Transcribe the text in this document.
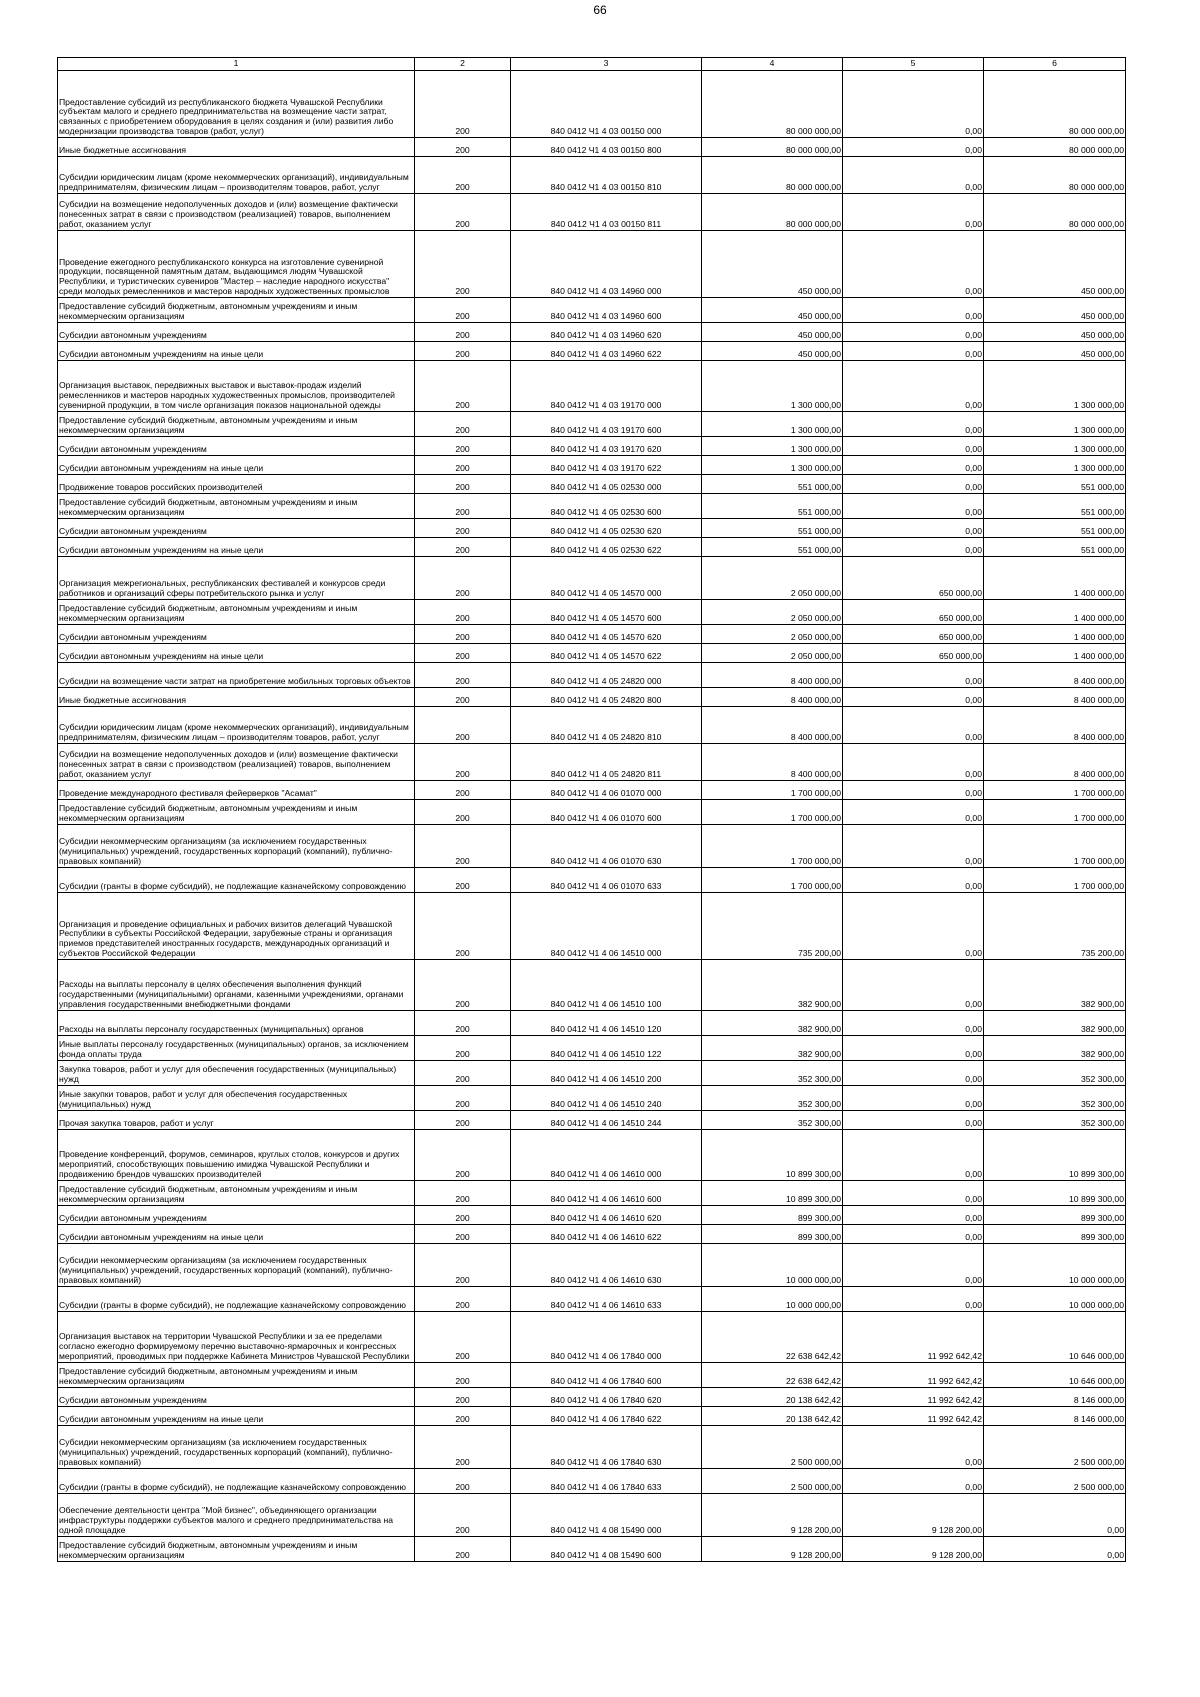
66
1	2	3	4	5	6

Предоставление субсидий из республиканского бюджета Чувашской Республики субъектам малого и среднего предпринимательства на возмещение части затрат, связанных с приобретением оборудования в целях создания и (или) развития либо модернизации производства товаров (работ, услуг)	200	840 0412 Ч1 4 03 00150 000	80 000 000,00	0,00	80 000 000,00

Иные бюджетные ассигнования	200	840 0412 Ч1 4 03 00150 800	80 000 000,00	0,00	80 000 000,00

Субсидии юридическим лицам (кроме некоммерческих организаций), индивидуальным предпринимателям, физическим лицам – производителям товаров, работ, услуг	200	840 0412 Ч1 4 03 00150 810	80 000 000,00	0,00	80 000 000,00

Субсидии на возмещение недополученных доходов и (или) возмещение фактически понесенных затрат в связи с производством (реализацией) товаров, выполнением работ, оказанием услуг	200	840 0412 Ч1 4 03 00150 811	80 000 000,00	0,00	80 000 000,00

Проведение ежегодного республиканского конкурса на изготовление сувенирной продукции, посвященной памятным датам, выдающимся людям Чувашской Республики, и туристических сувениров "Мастер – наследие народного искусства" среди молодых ремесленников и мастеров народных художественных промыслов	200	840 0412 Ч1 4 03 14960 000	450 000,00	0,00	450 000,00

Предоставление субсидий бюджетным, автономным учреждениям и иным некоммерческим организациям	200	840 0412 Ч1 4 03 14960 600	450 000,00	0,00	450 000,00

Субсидии автономным учреждениям	200	840 0412 Ч1 4 03 14960 620	450 000,00	0,00	450 000,00

Субсидии автономным учреждениям на иные цели	200	840 0412 Ч1 4 03 14960 622	450 000,00	0,00	450 000,00

Организация выставок, передвижных выставок и выставок-продаж изделий ремесленников и мастеров народных художественных промыслов, производителей сувенирной продукции, в том числе организация показов национальной одежды	200	840 0412 Ч1 4 03 19170 000	1 300 000,00	0,00	1 300 000,00

Предоставление субсидий бюджетным, автономным учреждениям и иным некоммерческим организациям	200	840 0412 Ч1 4 03 19170 600	1 300 000,00	0,00	1 300 000,00

Субсидии автономным учреждениям	200	840 0412 Ч1 4 03 19170 620	1 300 000,00	0,00	1 300 000,00

Субсидии автономным учреждениям на иные цели	200	840 0412 Ч1 4 03 19170 622	1 300 000,00	0,00	1 300 000,00

Продвижение товаров российских производителей	200	840 0412 Ч1 4 05 02530 000	551 000,00	0,00	551 000,00

Предоставление субсидий бюджетным, автономным учреждениям и иным некоммерческим организациям	200	840 0412 Ч1 4 05 02530 600	551 000,00	0,00	551 000,00

Субсидии автономным учреждениям	200	840 0412 Ч1 4 05 02530 620	551 000,00	0,00	551 000,00

Субсидии автономным учреждениям на иные цели	200	840 0412 Ч1 4 05 02530 622	551 000,00	0,00	551 000,00

Организация межрегиональных, республиканских фестивалей и конкурсов среди работников и организаций сферы потребительского рынка и услуг	200	840 0412 Ч1 4 05 14570 000	2 050 000,00	650 000,00	1 400 000,00

Предоставление субсидий бюджетным, автономным учреждениям и иным некоммерческим организациям	200	840 0412 Ч1 4 05 14570 600	2 050 000,00	650 000,00	1 400 000,00

Субсидии автономным учреждениям	200	840 0412 Ч1 4 05 14570 620	2 050 000,00	650 000,00	1 400 000,00

Субсидии автономным учреждениям на иные цели	200	840 0412 Ч1 4 05 14570 622	2 050 000,00	650 000,00	1 400 000,00

Субсидии на возмещение части затрат на приобретение мобильных торговых объектов	200	840 0412 Ч1 4 05 24820 000	8 400 000,00	0,00	8 400 000,00

Иные бюджетные ассигнования	200	840 0412 Ч1 4 05 24820 800	8 400 000,00	0,00	8 400 000,00

Субсидии юридическим лицам (кроме некоммерческих организаций), индивидуальным предпринимателям, физическим лицам – производителям товаров, работ, услуг	200	840 0412 Ч1 4 05 24820 810	8 400 000,00	0,00	8 400 000,00

Субсидии на возмещение недополученных доходов и (или) возмещение фактически понесенных затрат в связи с производством (реализацией) товаров, выполнением работ, оказанием услуг	200	840 0412 Ч1 4 05 24820 811	8 400 000,00	0,00	8 400 000,00

Проведение международного фестиваля фейерверков "Асамат"	200	840 0412 Ч1 4 06 01070 000	1 700 000,00	0,00	1 700 000,00

Предоставление субсидий бюджетным, автономным учреждениям и иным некоммерческим организациям	200	840 0412 Ч1 4 06 01070 600	1 700 000,00	0,00	1 700 000,00

Субсидии некоммерческим организациям (за исключением государственных (муниципальных) учреждений, государственных корпораций (компаний), публично-правовых компаний)	200	840 0412 Ч1 4 06 01070 630	1 700 000,00	0,00	1 700 000,00

Субсидии (гранты в форме субсидий), не подлежащие казначейскому сопровождению	200	840 0412 Ч1 4 06 01070 633	1 700 000,00	0,00	1 700 000,00

Организация и проведение официальных и рабочих визитов делегаций Чувашской Республики в субъекты Российской Федерации, зарубежные страны и организация приемов представителей иностранных государств, международных организаций и субъектов Российской Федерации	200	840 0412 Ч1 4 06 14510 000	735 200,00	0,00	735 200,00

Расходы на выплаты персоналу в целях обеспечения выполнения функций государственными (муниципальными) органами, казенными учреждениями, органами управления государственными внебюджетными фондами	200	840 0412 Ч1 4 06 14510 100	382 900,00	0,00	382 900,00

Расходы на выплаты персоналу государственных (муниципальных) органов	200	840 0412 Ч1 4 06 14510 120	382 900,00	0,00	382 900,00

Иные выплаты персоналу государственных (муниципальных) органов, за исключением фонда оплаты труда	200	840 0412 Ч1 4 06 14510 122	382 900,00	0,00	382 900,00

Закупка товаров, работ и услуг для обеспечения государственных (муниципальных) нужд	200	840 0412 Ч1 4 06 14510 200	352 300,00	0,00	352 300,00

Иные закупки товаров, работ и услуг для обеспечения государственных (муниципальных) нужд	200	840 0412 Ч1 4 06 14510 240	352 300,00	0,00	352 300,00

Прочая закупка товаров, работ и услуг	200	840 0412 Ч1 4 06 14510 244	352 300,00	0,00	352 300,00

Проведение конференций, форумов, семинаров, круглых столов, конкурсов и других мероприятий, способствующих повышению имиджа Чувашской Республики и продвижению брендов чувашских производителей	200	840 0412 Ч1 4 06 14610 000	10 899 300,00	0,00	10 899 300,00

Предоставление субсидий бюджетным, автономным учреждениям и иным некоммерческим организациям	200	840 0412 Ч1 4 06 14610 600	10 899 300,00	0,00	10 899 300,00

Субсидии автономным учреждениям	200	840 0412 Ч1 4 06 14610 620	899 300,00	0,00	899 300,00

Субсидии автономным учреждениям на иные цели	200	840 0412 Ч1 4 06 14610 622	899 300,00	0,00	899 300,00

Субсидии некоммерческим организациям (за исключением государственных (муниципальных) учреждений, государственных корпораций (компаний), публично-правовых компаний)	200	840 0412 Ч1 4 06 14610 630	10 000 000,00	0,00	10 000 000,00

Субсидии (гранты в форме субсидий), не подлежащие казначейскому сопровождению	200	840 0412 Ч1 4 06 14610 633	10 000 000,00	0,00	10 000 000,00

Организация выставок на территории Чувашской Республики и за ее пределами согласно ежегодно формируемому перечню выставочно-ярмарочных и конгрессных мероприятий, проводимых при поддержке Кабинета Министров Чувашской Республики	200	840 0412 Ч1 4 06 17840 000	22 638 642,42	11 992 642,42	10 646 000,00

Предоставление субсидий бюджетным, автономным учреждениям и иным некоммерческим организациям	200	840 0412 Ч1 4 06 17840 600	22 638 642,42	11 992 642,42	10 646 000,00

Субсидии автономным учреждениям	200	840 0412 Ч1 4 06 17840 620	20 138 642,42	11 992 642,42	8 146 000,00

Субсидии автономным учреждениям на иные цели	200	840 0412 Ч1 4 06 17840 622	20 138 642,42	11 992 642,42	8 146 000,00

Субсидии некоммерческим организациям (за исключением государственных (муниципальных) учреждений, государственных корпораций (компаний), публично-правовых компаний)	200	840 0412 Ч1 4 06 17840 630	2 500 000,00	0,00	2 500 000,00

Субсидии (гранты в форме субсидий), не подлежащие казначейскому сопровождению	200	840 0412 Ч1 4 06 17840 633	2 500 000,00	0,00	2 500 000,00

Обеспечение деятельности центра "Мой бизнес", объединяющего организации инфраструктуры поддержки субъектов малого и среднего предпринимательства на одной площадке	200	840 0412 Ч1 4 08 15490 000	9 128 200,00	9 128 200,00	0,00

Предоставление субсидий бюджетным, автономным учреждениям и иным некоммерческим организациям	200	840 0412 Ч1 4 08 15490 600	9 128 200,00	9 128 200,00	0,00
